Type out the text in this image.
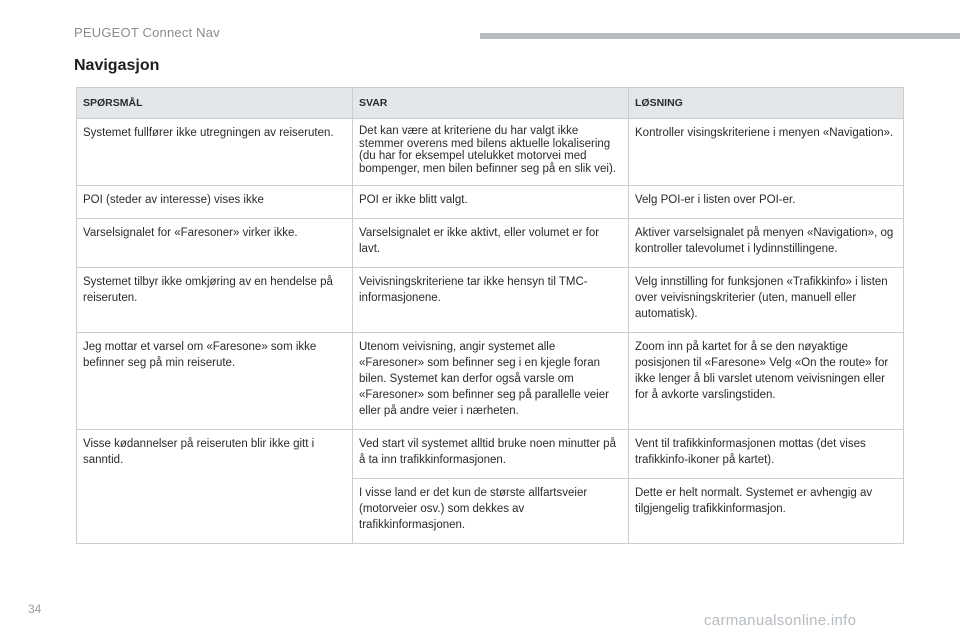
PEUGEOT Connect Nav
Navigasjon
SPØRSMÅL	SVAR	LØSNING
Systemet fullfører ikke utregningen av reiseruten.	Det kan være at kriteriene du har valgt ikke stemmer overens med bilens aktuelle lokalisering (du har for eksempel utelukket motorvei med bompenger, men bilen befinner seg på en slik vei).	Kontroller visingskriteriene i menyen «Navigation».
POI (steder av interesse) vises ikke	POI er ikke blitt valgt.	Velg POI-er i listen over POI-er.
Varselsignalet for «Faresoner» virker ikke.	Varselsignalet er ikke aktivt, eller volumet er for lavt.	Aktiver varselsignalet på menyen «Navigation», og kontroller talevolumet i lydinnstillingene.
Systemet tilbyr ikke omkjøring av en hendelse på reiseruten.	Veivisningskriteriene tar ikke hensyn til TMC-informasjonene.	Velg innstilling for funksjonen «Trafikkinfo» i listen over veivisningskriterier (uten, manuell eller automatisk).
Jeg mottar et varsel om «Faresone» som ikke befinner seg på min reiserute.	Utenom veivisning, angir systemet alle «Faresoner» som befinner seg i en kjegle foran bilen. Systemet kan derfor også varsle om «Faresoner» som befinner seg på parallelle veier eller på andre veier i nærheten.	Zoom inn på kartet for å se den nøyaktige posisjonen til «Faresone» Velg «On the route» for ikke lenger å bli varslet utenom veivisningen eller for å avkorte varslingstiden.
Visse kødannelser på reiseruten blir ikke gitt i sanntid.	Ved start vil systemet alltid bruke noen minutter på å ta inn trafikkinformasjonen.	Vent til trafikkinformasjonen mottas (det vises trafikkinfo-ikoner på kartet).
	I visse land er det kun de største allfartsveier (motorveier osv.) som dekkes av trafikkinformasjonen.	Dette er helt normalt. Systemet er avhengig av tilgjengelig trafikkinformasjon.
34
carmanualsonline.info
